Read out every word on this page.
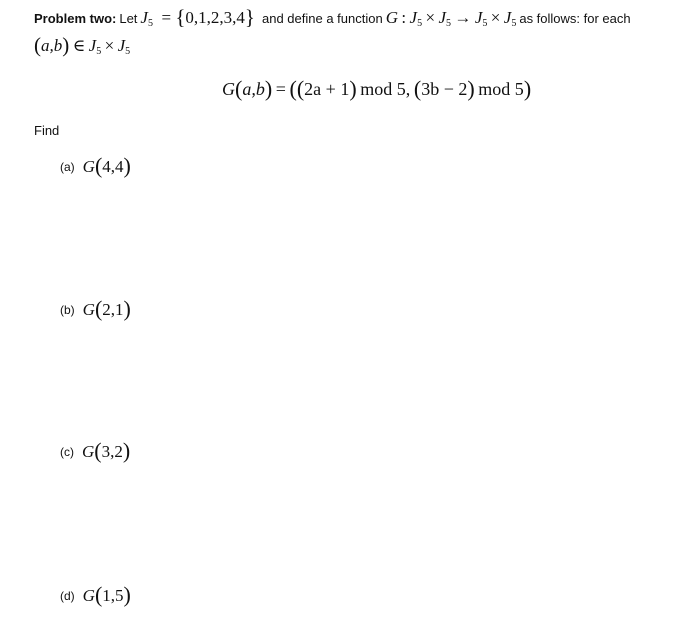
Problem two: Let $J_5 = \{0,1,2,3,4\}$ and define a function G : $J_5 \times J_5 \to J_5 \times J_5$ as follows: for each
(a,b) ∈ $J_5 \times J_5$
G(a,b) = ((2a + 1)  mod 5, (3b − 2)  mod 5)
Find
(a) G(4,4)
(b) G(2,1)
(c) G(3,2)
(d) G(1,5)
